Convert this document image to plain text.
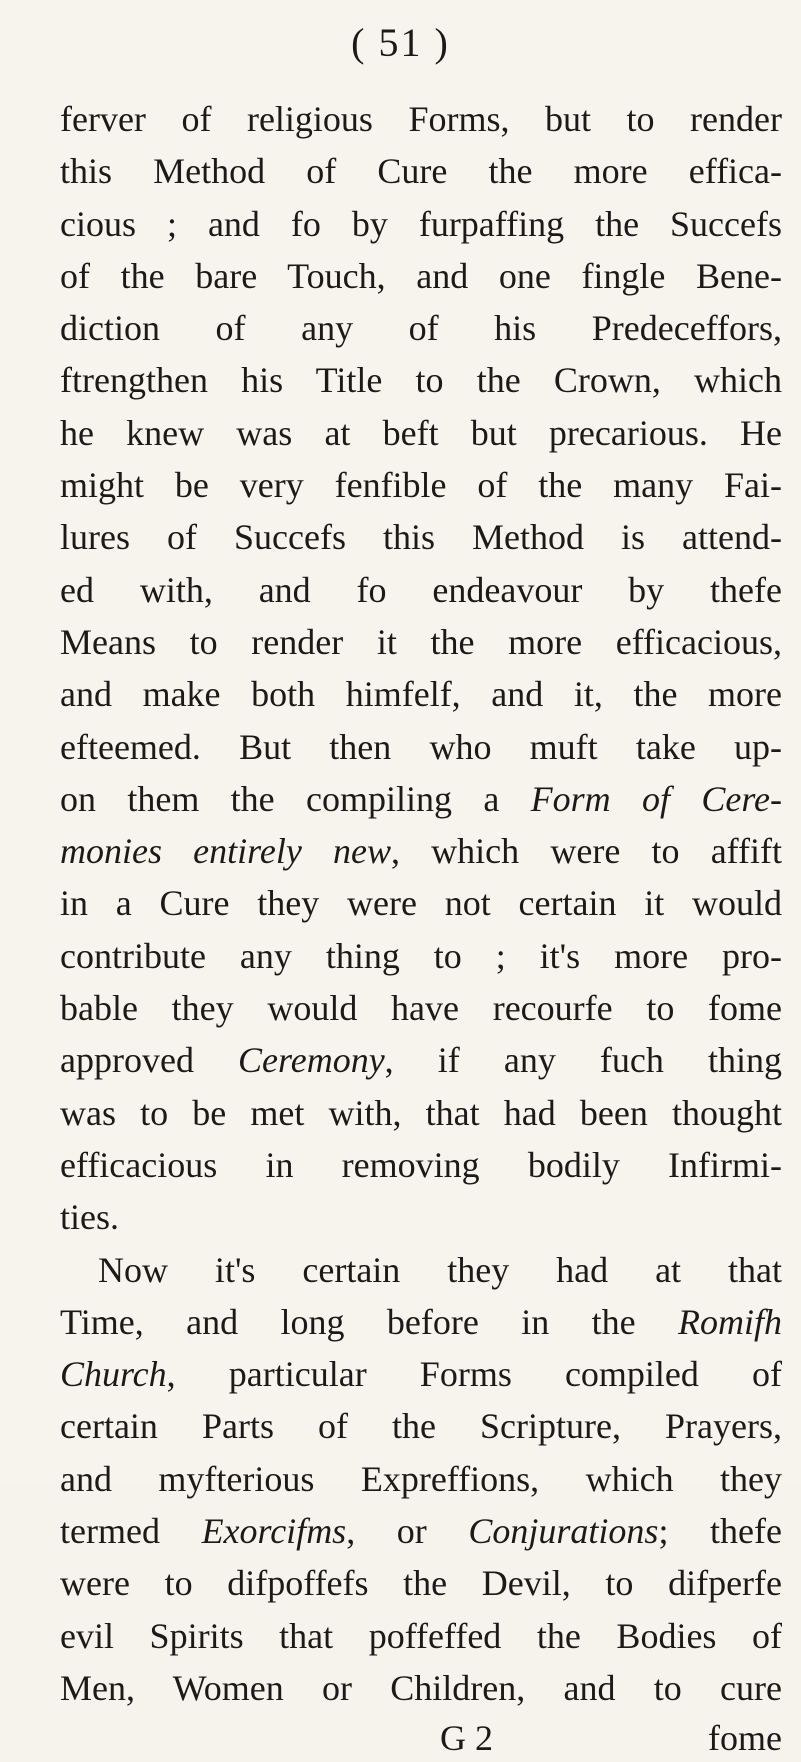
( 51 )
ferver of religious Forms, but to render
this Method of Cure the more effica-
cious ; and fo by furpaffing the Succefs
of the bare Touch, and one fingle Bene-
diction of any of his Predeceffors,
ftrengthen his Title to the Crown, which
he knew was at beft but precarious. He
might be very fenfible of the many Fai-
lures of Succefs this Method is attend-
ed with, and fo endeavour by thefe
Means to render it the more efficacious,
and make both himfelf, and it, the more
efteemed. But then who muft take up-
on them the compiling a Form of Cere-
monies entirely new, which were to affift
in a Cure they were not certain it would
contribute any thing to ; it's more pro-
bable they would have recourfe to fome
approved Ceremony, if any fuch thing
was to be met with, that had been thought
efficacious in removing bodily Infirmi-
ties.
Now it's certain they had at that
Time, and long before in the Romifh
Church, particular Forms compiled of
certain Parts of the Scripture, Prayers,
and myfterious Expreffions, which they
termed Exorcifms, or Conjurations; thefe
were to difpoffefs the Devil, to difperfe
evil Spirits that poffeffed the Bodies of
Men, Women or Children, and to cure
G 2	fome
